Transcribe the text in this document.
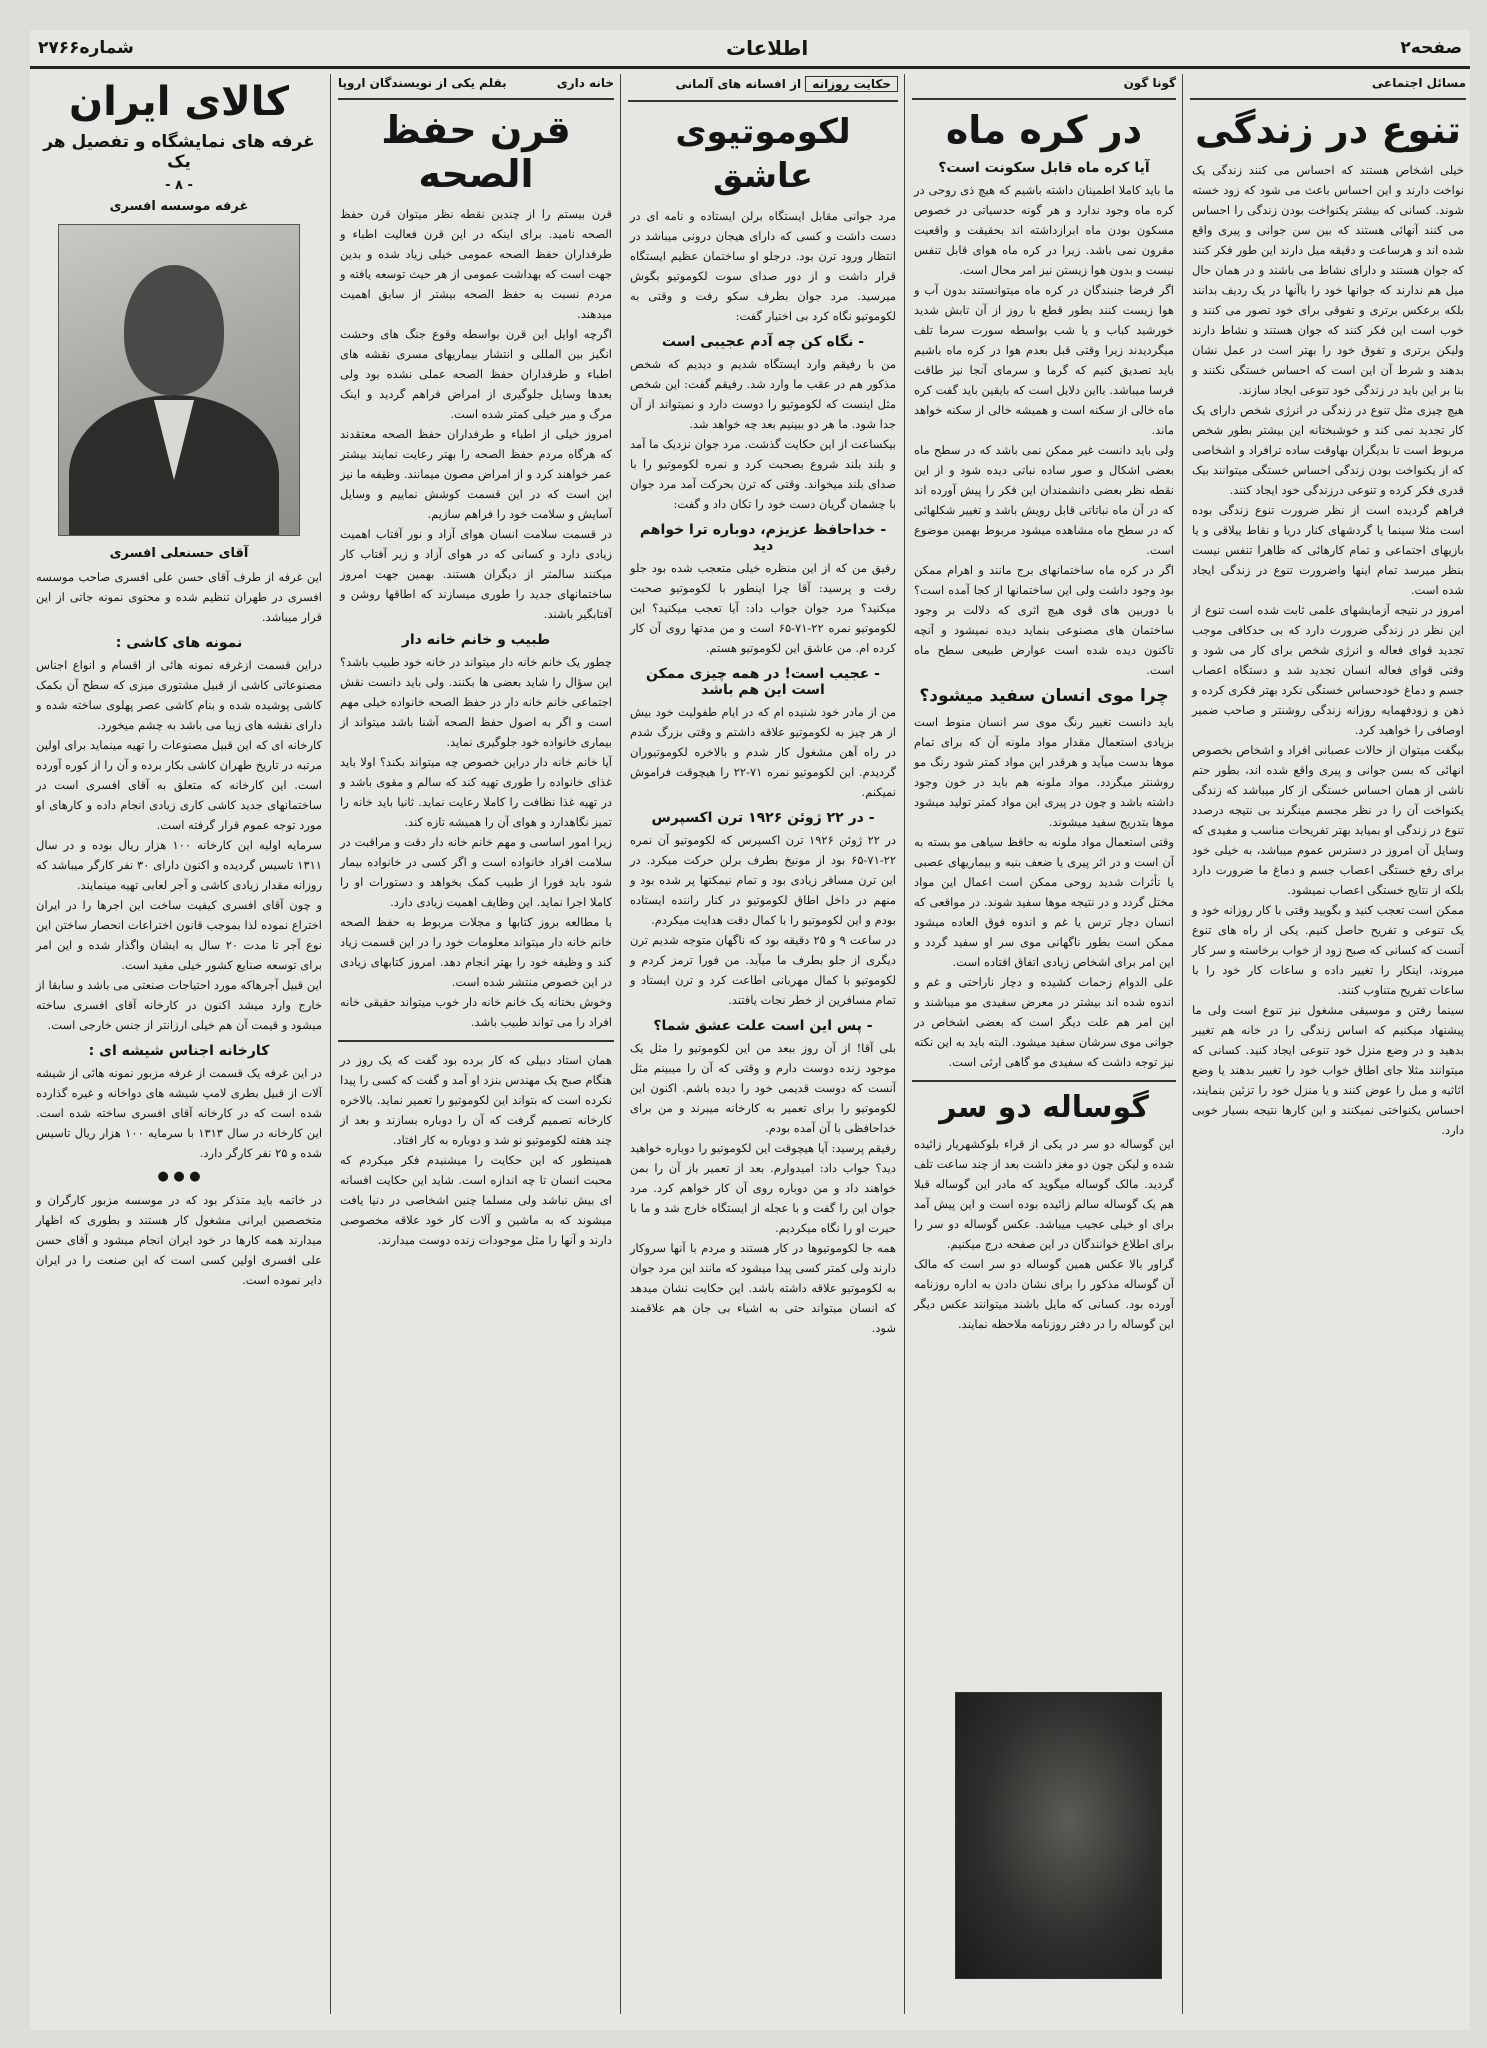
صفحه۲
اطلاعات
شماره۲۷۶۶
مسائل اجتماعی
تنوع در زندگی
خیلی اشخاص هستند که احساس می کنند زندگی یک نواخت دارند و این احساس باعث می شود که زود خسته شوند. کسانی که بیشتر یکنواخت بودن زندگی را احساس می کنند آنهائی هستند که بین سن جوانی و پیری واقع شده اند و هرساعت و دقیقه میل دارند این طور فکر کنند که جوان هستند و دارای نشاط می باشند و در همان حال میل هم ندارند که جوانها خود را باآنها در یک ردیف بدانند بلکه برعکس برتری و تفوقی برای خود تصور می کنند و خوب است این فکر کنند که جوان هستند و نشاط دارند ولیکن برتری و تفوق خود را بهتر است در عمل نشان بدهند و شرط آن این است که احساس خستگی نکنند و بنا بر این باید در زندگی خود تنوعی ایجاد سازند.
هیچ چیزی مثل تنوع در زندگی در انرژی شخص دارای یک کار تجدید نمی کند و خوشبختانه این بیشتر بطور شخص مربوط است تا بدیگران بهاوقت ساده ترافراد و اشخاصی که از یکنواخت بودن زندگی احساس خستگی میتوانند بیک قدری فکر کرده و تنوعی درزندگی خود ایجاد کنند.
فراهم گردیده است از نظر ضرورت تنوع زندگی بوده است مثلا سینما یا گردشهای کنار دریا و نقاط ییلاقی و یا بازیهای اجتماعی و تمام کارهائی که ظاهرا تنفس نیست بنظر میرسد تمام اینها واضرورت تنوع در زندگی ایجاد شده است.
امروز در نتیجه آزمایشهای علمی ثابت شده است تنوع از این نظر در زندگی ضرورت دارد که بی حدکافی موجب تجدید قوای فعاله و انرژی شخص برای کار می شود و وقتی قوای فعاله انسان تجدید شد و دستگاه اعصاب جسم و دماغ خودحساس خستگی نکرد بهتر فکری کرده و ذهن و زودفهمایه روزانه زندگی روشنتر و صاحب ضمیر اوصافی را خواهید کرد.
بیگفت میتوان از حالات عصبانی افراد و اشخاص بخصوص انهائی که بسن جوانی و پیری واقع شده اند، بطور حتم ناشی از همان احساس خستگی از کار میباشد که زندگی یکنواخت آن را در نظر مجسم مینگرند بی نتیجه درصدد تنوع در زندگی او بمیاید بهتر تفریحات مناسب و مفیدی که وسایل آن امروز در دسترس عموم میباشد، به خیلی خود برای رفع خستگی اعصاب جسم و دماغ ما ضرورت دارد بلکه از نتایج خستگی اعصاب نمیشود.
ممکن است تعجب کنید و بگویید وقتی با کار روزانه خود و یک تنوعی و تفریح حاصل کنیم. یکی از راه های تنوع آنست که کسانی که صبح زود از خواب برخاسته و سر کار میروند، اینکار را تغییر داده و ساعات کار خود را با ساعات تفریح متناوب کنند.
سینما رفتن و موسیقی مشغول نیز تنوع است ولی ما پیشنهاد میکنیم که اساس زندگی را در خانه هم تغییر بدهید و در وضع منزل خود تنوعی ایجاد کنید. کسانی که میتوانند مثلا جای اطاق خواب خود را تغییر بدهند یا وضع اثاثیه و مبل را عوض کنند و یا منزل خود را تزئین بنمایند، احساس یکنواختی نمیکنند و این کارها نتیجه بسیار خوبی دارد.
گونا گون
در کره ماه
آیا کره ماه قابل سکونت است؟
ما باید کاملا اطمینان داشته باشیم که هیچ ذی روحی در کره ماه وجود ندارد و هر گونه حدسیاتی در خصوص مسکون بودن ماه ابرازداشته اند بحقیقت و واقعیت مقرون نمی باشد. زیرا در کره ماه هوای قابل تنفس نیست و بدون هوا زیستن نیز امر محال است.
اگر فرضا جنبندگان در کره ماه میتوانستند بدون آب و هوا زیست کنند بطور قطع با روز از آن تابش شدید خورشید کباب و یا شب بواسطه سورت سرما تلف میگردیدند زیرا وقتی قبل بعدم هوا در کره ماه باشیم باید تصدیق کنیم که گرما و سرمای آنجا نیز طاقت فرسا میباشد. بااین دلایل است که بایقین باید گفت کره ماه خالی از سکنه است و همیشه خالی از سکنه خواهد ماند.
ولی باید دانست غیر ممکن نمی باشد که در سطح ماه بعضی اشکال و صور ساده نباتی دیده شود و از این نقطه نظر بعضی دانشمندان این فکر را پیش آورده اند که در آن ماه نباتاتی قابل رویش باشد و تغییر شکلهائی که در سطح ماه مشاهده میشود مربوط بهمین موضوع است.
اگر در کره ماه ساختمانهای برج مانند و اهرام ممکن بود وجود داشت ولی این ساختمانها از کجا آمده است؟ با دوربین های قوی هیچ اثری که دلالت بر وجود ساختمان های مصنوعی بنماید دیده نمیشود و آنچه تاکنون دیده شده است عوارض طبیعی سطح ماه است.
چرا موی انسان سفید میشود؟
باید دانست تغییر رنگ موی سر انسان منوط است بزیادی استعمال مقدار مواد ملونه آن که برای تمام موها بدست میآید و هرقدر این مواد کمتر شود رنگ مو روشنتر میگردد. مواد ملونه هم باید در خون وجود داشته باشد و چون در پیری این مواد کمتر تولید میشود موها بتدریج سفید میشوند.
وقتی استعمال مواد ملونه به حافظ سیاهی مو بسته به آن است و در اثر پیری یا ضعف بنیه و بیماریهای عصبی یا تأثرات شدید روحی ممکن است اعمال این مواد مختل گردد و در نتیجه موها سفید شوند. در مواقعی که انسان دچار ترس یا غم و اندوه فوق العاده میشود ممکن است بطور ناگهانی موی سر او سفید گردد و این امر برای اشخاص زیادی اتفاق افتاده است.
علی الدوام زحمات کشیده و دچار ناراحتی و غم و اندوه شده اند بیشتر در معرض سفیدی مو میباشند و این امر هم علت دیگر است که بعضی اشخاص در جوانی موی سرشان سفید میشود. البته باید به این نکته نیز توجه داشت که سفیدی مو گاهی ارثی است.
گوساله دو سر
این گوساله دو سر در یکی از قراء بلوکشهریار زائیده شده و لیکن چون دو مغز داشت بعد از چند ساعت تلف گردید. مالک گوساله میگوید که مادر این گوساله قبلا هم یک گوساله سالم زائیده بوده است و این پیش آمد برای او خیلی عجیب میباشد. عکس گوساله دو سر را برای اطلاع خوانندگان در این صفحه درج میکنیم.
گراور بالا عکس همین گوساله دو سر است که مالک آن گوساله مذکور را برای نشان دادن به اداره روزنامه آورده بود. کسانی که مایل باشند میتوانند عکس دیگر این گوساله را در دفتر روزنامه ملاحظه نمایند.
حکایت روزانه از افسانه های آلمانی
لکوموتیوی عاشق
مرد جوانی مقابل ایستگاه برلن ایستاده و نامه ای در دست داشت و کسی که دارای هیجان درونی میباشد در انتظار ورود ترن بود. درجلو او ساختمان عظیم ایستگاه قرار داشت و از دور صدای سوت لکوموتیو بگوش میرسید. مرد جوان بطرف سکو رفت و وقتی به لکوموتیو نگاه کرد بی اختیار گفت:
- نگاه کن چه آدم عجیبی است
من با رفیقم وارد ایستگاه شدیم و دیدیم که شخص مذکور هم در عقب ما وارد شد. رفیقم گفت: این شخص مثل اینست که لکوموتیو را دوست دارد و نمیتواند از آن جدا شود. ما هر دو ببینیم بعد چه خواهد شد.
بیکساعت از این حکایت گذشت. مرد جوان نزدیک ما آمد و بلند بلند شروع بصحبت کرد و نمره لکوموتیو را با صدای بلند میخواند. وقتی که ترن بحرکت آمد مرد جوان با چشمان گریان دست خود را تکان داد و گفت:
- خداحافظ عزیزم، دوباره ترا خواهم دید
رفیق من که از این منظره خیلی متعجب شده بود جلو رفت و پرسید: آقا چرا اینطور با لکوموتیو صحبت میکنید؟ مرد جوان جواب داد: آیا تعجب میکنید؟ این لکوموتیو نمره ۲۲-۷۱-۶۵ است و من مدتها روی آن کار کرده ام. من عاشق این لکوموتیو هستم.
- عجیب است! در همه چیزی ممکن است این هم باشد
من از مادر خود شنیده ام که در ایام طفولیت خود بیش از هر چیز به لکوموتیو علاقه داشتم و وقتی بزرگ شدم در راه آهن مشغول کار شدم و بالاخره لکوموتیوران گردیدم. این لکوموتیو نمره ۷۱-۲۲ را هیچوقت فراموش نمیکنم.
- در ۲۲ ژوئن ۱۹۲۶ ترن اکسپرس
در ۲۲ ژوئن ۱۹۲۶ ترن اکسپرس که لکوموتیو آن نمره ۲۲-۷۱-۶۵ بود از مونیخ بطرف برلن حرکت میکرد. در این ترن مسافر زیادی بود و تمام نیمکتها پر شده بود و منهم در داخل اطاق لکوموتیو در کنار راننده ایستاده بودم و این لکوموتیو را با کمال دقت هدایت میکردم.
در ساعت ۹ و ۲۵ دقیقه بود که ناگهان متوجه شدیم ترن دیگری از جلو بطرف ما میآید. من فورا ترمز کردم و لکوموتیو با کمال مهربانی اطاعت کرد و ترن ایستاد و تمام مسافرین از خطر نجات یافتند.
- پس این است علت عشق شما؟
بلی آقا! از آن روز ببعد من این لکوموتیو را مثل یک موجود زنده دوست دارم و وقتی که آن را میبینم مثل آنست که دوست قدیمی خود را دیده باشم. اکنون این لکوموتیو را برای تعمیر به کارخانه میبرند و من برای خداحافظی با آن آمده بودم.
رفیقم پرسید: آیا هیچوقت این لکوموتیو را دوباره خواهید دید؟ جواب داد: امیدوارم. بعد از تعمیر باز آن را بمن خواهند داد و من دوباره روی آن کار خواهم کرد. مرد جوان این را گفت و با عجله از ایستگاه خارج شد و ما با حیرت او را نگاه میکردیم.
همه جا لکوموتیوها در کار هستند و مردم با آنها سروکار دارند ولی کمتر کسی پیدا میشود که مانند این مرد جوان به لکوموتیو علاقه داشته باشد. این حکایت نشان میدهد که انسان میتواند حتی به اشیاء بی جان هم علاقمند شود.
خانه داری
بقلم یکی از نویسندگان اروپا
قرن حفظ الصحه
قرن بیستم را از چندین نقطه نظر میتوان قرن حفظ الصحه نامید. برای اینکه در این قرن فعالیت اطباء و طرفداران حفظ الصحه عمومی خیلی زیاد شده و بدین جهت است که بهداشت عمومی از هر حیث توسعه یافته و مردم نسبت به حفظ الصحه بیشتر از سابق اهمیت میدهند.
اگرچه اوایل این قرن بواسطه وقوع جنگ های وحشت انگیز بین المللی و انتشار بیماریهای مسری نقشه های اطباء و طرفداران حفظ الصحه عملی نشده بود ولی بعدها وسایل جلوگیری از امراض فراهم گردید و اینک مرگ و میر خیلی کمتر شده است.
امروز خیلی از اطباء و طرفداران حفظ الصحه معتقدند که هرگاه مردم حفظ الصحه را بهتر رعایت نمایند بیشتر عمر خواهند کرد و از امراض مصون میمانند. وظیفه ما نیز این است که در این قسمت کوشش نماییم و وسایل آسایش و سلامت خود را فراهم سازیم.
در قسمت سلامت انسان هوای آزاد و نور آفتاب اهمیت زیادی دارد و کسانی که در هوای آزاد و زیر آفتاب کار میکنند سالمتر از دیگران هستند. بهمین جهت امروز ساختمانهای جدید را طوری میسازند که اطاقها روشن و آفتابگیر باشند.
طبیب و خانم خانه دار
چطور یک خانم خانه دار میتواند در خانه خود طبیب باشد؟ این سؤال را شاید بعضی ها بکنند. ولی باید دانست نقش اجتماعی خانم خانه دار در حفظ الصحه خانواده خیلی مهم است و اگر به اصول حفظ الصحه آشنا باشد میتواند از بیماری خانواده خود جلوگیری نماید.
آیا خانم خانه دار دراین خصوص چه میتواند بکند؟ اولا باید غذای خانواده را طوری تهیه کند که سالم و مقوی باشد و در تهیه غذا نظافت را کاملا رعایت نماید. ثانیا باید خانه را تمیز نگاهدارد و هوای آن را همیشه تازه کند.
زیرا امور اساسی و مهم خانم خانه دار دقت و مراقبت در سلامت افراد خانواده است و اگر کسی در خانواده بیمار شود باید فورا از طبیب کمک بخواهد و دستورات او را کاملا اجرا نماید. این وظایف اهمیت زیادی دارد.
با مطالعه بروز کتابها و مجلات مربوط به حفظ الصحه خانم خانه دار میتواند معلومات خود را در این قسمت زیاد کند و وظیفه خود را بهتر انجام دهد. امروز کتابهای زیادی در این خصوص منتشر شده است.
وخوش بختانه یک خانم خانه دار خوب میتواند حقیقی خانه افراد را می تواند طبیب باشد.
همان استاد دبیلی که کار برده بود گفت که یک روز در هنگام صبح یک مهندس بنزد او آمد و گفت که کسی را پیدا نکرده است که بتواند این لکوموتیو را تعمیر نماید. بالاخره کارخانه تصمیم گرفت که آن را دوباره بسازند و بعد از چند هفته لکوموتیو نو شد و دوباره به کار افتاد.
همینطور که این حکایت را میشنیدم فکر میکردم که محبت انسان تا چه اندازه است. شاید این حکایت افسانه ای بیش نباشد ولی مسلما چنین اشخاصی در دنیا یافت میشوند که به ماشین و آلات کار خود علاقه مخصوصی دارند و آنها را مثل موجودات زنده دوست میدارند.
کالای ایران
غرفه های نمایشگاه و تفصیل هر یک
- ۸ -
غرفه موسسه افسری
آقای حسنعلی افسری
این غرفه از طرف آقای حسن علی افسری صاحب موسسه افسری در طهران تنظیم شده و محتوی نمونه جاتی از این قرار میباشد.
نمونه های کاشی :
دراین قسمت ازغرفه نمونه هائی از اقسام و انواع اجناس مصنوعاتی کاشی از قبیل مشتوری میزی که سطح آن بکمک کاشی پوشیده شده و بنام کاشی عصر پهلوی ساخته شده و دارای نقشه های زیبا می باشد به چشم میخورد.
کارخانه ای که این قبیل مصنوعات را تهیه مینماید برای اولین مرتبه در تاریخ طهران کاشی بکار برده و آن را از کوره آورده است. این کارخانه که متعلق به آقای افسری است در ساختمانهای جدید کاشی کاری زیادی انجام داده و کارهای او مورد توجه عموم قرار گرفته است.
سرمایه اولیه این کارخانه ۱۰۰ هزار ریال بوده و در سال ۱۳۱۱ تاسیس گردیده و اکنون دارای ۳۰ نفر کارگر میباشد که روزانه مقدار زیادی کاشی و آجر لعابی تهیه مینمایند.
و چون آقای افسری کیفیت ساخت این اجرها را در ایران اختراع نموده لذا بموجب قانون اختراعات انحصار ساختن این نوع آجر تا مدت ۲۰ سال به ایشان واگذار شده و این امر برای توسعه صنایع کشور خیلی مفید است.
این قبیل آجرهاکه مورد احتیاجات صنعتی می باشد و سابقا از خارج وارد میشد اکنون در کارخانه آقای افسری ساخته میشود و قیمت آن هم خیلی ارزانتر از جنس خارجی است.
کارخانه اجناس شیشه ای :
در این غرفه یک قسمت از غرفه مزبور نمونه هائی از شیشه آلات از قبیل بطری لامپ شیشه های دواخانه و غیره گذارده شده است که در کارخانه آقای افسری ساخته شده است. این کارخانه در سال ۱۳۱۳ با سرمایه ۱۰۰ هزار ریال تاسیس شده و ۲۵ نفر کارگر دارد.
● ● ●
در خاتمه باید متذکر بود که در موسسه مزبور کارگران و متخصصین ایرانی مشغول کار هستند و بطوری که اظهار میدارند همه کارها در خود ایران انجام میشود و آقای حسن علی افسری اولین کسی است که این صنعت را در ایران دایر نموده است.
